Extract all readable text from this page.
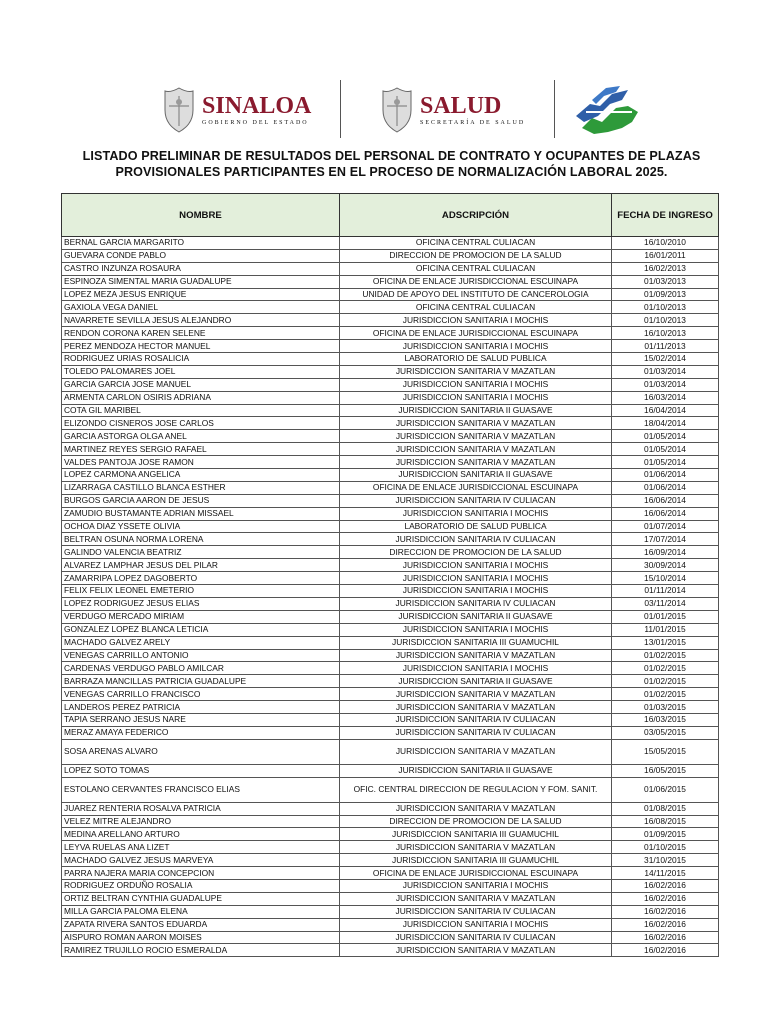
SINALOA
GOBIERNO DEL ESTADO
SALUD
SECRETARÍA DE SALUD
LISTADO PRELIMINAR DE RESULTADOS DEL PERSONAL DE CONTRATO Y OCUPANTES DE PLAZAS
PROVISIONALES PARTICIPANTES EN EL PROCESO DE NORMALIZACIÓN LABORAL 2025.
NOMBRE	ADSCRIPCIÓN	FECHA DE INGRESO
BERNAL GARCIA MARGARITO	OFICINA CENTRAL CULIACAN	16/10/2010
GUEVARA CONDE PABLO	DIRECCION DE PROMOCION DE LA SALUD	16/01/2011
CASTRO INZUNZA ROSAURA	OFICINA CENTRAL CULIACAN	16/02/2013
ESPINOZA SIMENTAL MARIA GUADALUPE	OFICINA DE ENLACE JURISDICCIONAL ESCUINAPA	01/03/2013
LOPEZ MEZA JESUS ENRIQUE	UNIDAD DE APOYO DEL INSTITUTO DE CANCEROLOGIA	01/09/2013
GAXIOLA VEGA DANIEL	OFICINA CENTRAL CULIACAN	01/10/2013
NAVARRETE SEVILLA JESUS ALEJANDRO	JURISDICCION SANITARIA I MOCHIS	01/10/2013
RENDON CORONA KAREN SELENE	OFICINA DE ENLACE JURISDICCIONAL ESCUINAPA	16/10/2013
PEREZ MENDOZA HECTOR MANUEL	JURISDICCION SANITARIA I MOCHIS	01/11/2013
RODRIGUEZ URIAS ROSALICIA	LABORATORIO DE SALUD PUBLICA	15/02/2014
TOLEDO PALOMARES JOEL	JURISDICCION SANITARIA V MAZATLAN	01/03/2014
GARCIA GARCIA JOSE MANUEL	JURISDICCION SANITARIA I MOCHIS	01/03/2014
ARMENTA CARLON OSIRIS ADRIANA	JURISDICCION SANITARIA I MOCHIS	16/03/2014
COTA GIL MARIBEL	JURISDICCION SANITARIA II GUASAVE	16/04/2014
ELIZONDO CISNEROS JOSE CARLOS	JURISDICCION SANITARIA V MAZATLAN	18/04/2014
GARCIA ASTORGA OLGA ANEL	JURISDICCION SANITARIA V MAZATLAN	01/05/2014
MARTINEZ REYES SERGIO RAFAEL	JURISDICCION SANITARIA V MAZATLAN	01/05/2014
VALDES PANTOJA JOSE RAMON	JURISDICCION SANITARIA V MAZATLAN	01/05/2014
LOPEZ CARMONA ANGELICA	JURISDICCION SANITARIA II GUASAVE	01/06/2014
LIZARRAGA CASTILLO BLANCA ESTHER	OFICINA DE ENLACE JURISDICCIONAL ESCUINAPA	01/06/2014
BURGOS GARCIA AARON DE JESUS	JURISDICCION SANITARIA IV CULIACAN	16/06/2014
ZAMUDIO BUSTAMANTE ADRIAN MISSAEL	JURISDICCION SANITARIA I MOCHIS	16/06/2014
OCHOA DIAZ YSSETE OLIVIA	LABORATORIO DE SALUD PUBLICA	01/07/2014
BELTRAN OSUNA NORMA LORENA	JURISDICCION SANITARIA IV CULIACAN	17/07/2014
GALINDO VALENCIA BEATRIZ	DIRECCION DE PROMOCION DE LA SALUD	16/09/2014
ALVAREZ LAMPHAR JESUS DEL PILAR	JURISDICCION SANITARIA I MOCHIS	30/09/2014
ZAMARRIPA LOPEZ DAGOBERTO	JURISDICCION SANITARIA I MOCHIS	15/10/2014
FELIX FELIX LEONEL EMETERIO	JURISDICCION SANITARIA I MOCHIS	01/11/2014
LOPEZ RODRIGUEZ JESUS ELIAS	JURISDICCION SANITARIA IV CULIACAN	03/11/2014
VERDUGO MERCADO MIRIAM	JURISDICCION SANITARIA II GUASAVE	01/01/2015
GONZALEZ LOPEZ BLANCA LETICIA	JURISDICCION SANITARIA I MOCHIS	11/01/2015
MACHADO GALVEZ ARELY	JURISDICCION SANITARIA III GUAMUCHIL	13/01/2015
VENEGAS CARRILLO ANTONIO	JURISDICCION SANITARIA V MAZATLAN	01/02/2015
CARDENAS VERDUGO PABLO AMILCAR	JURISDICCION SANITARIA I MOCHIS	01/02/2015
BARRAZA MANCILLAS PATRICIA GUADALUPE	JURISDICCION SANITARIA II GUASAVE	01/02/2015
VENEGAS CARRILLO FRANCISCO	JURISDICCION SANITARIA V MAZATLAN	01/02/2015
LANDEROS PEREZ PATRICIA	JURISDICCION SANITARIA V MAZATLAN	01/03/2015
TAPIA SERRANO JESUS NARE	JURISDICCION SANITARIA IV CULIACAN	16/03/2015
MERAZ AMAYA FEDERICO	JURISDICCION SANITARIA IV CULIACAN	03/05/2015
SOSA ARENAS ALVARO	JURISDICCION SANITARIA V MAZATLAN	15/05/2015
LOPEZ SOTO TOMAS	JURISDICCION SANITARIA II GUASAVE	16/05/2015
ESTOLANO CERVANTES FRANCISCO ELIAS	OFIC. CENTRAL DIRECCION DE REGULACION Y FOM. SANIT.	01/06/2015
JUAREZ RENTERIA ROSALVA PATRICIA	JURISDICCION SANITARIA V MAZATLAN	01/08/2015
VELEZ MITRE ALEJANDRO	DIRECCION DE PROMOCION DE LA SALUD	16/08/2015
MEDINA ARELLANO ARTURO	JURISDICCION SANITARIA III GUAMUCHIL	01/09/2015
LEYVA RUELAS ANA LIZET	JURISDICCION SANITARIA V MAZATLAN	01/10/2015
MACHADO GALVEZ JESUS MARVEYA	JURISDICCION SANITARIA III GUAMUCHIL	31/10/2015
PARRA NAJERA MARIA CONCEPCION	OFICINA DE ENLACE JURISDICCIONAL ESCUINAPA	14/11/2015
RODRIGUEZ ORDUÑO ROSALIA	JURISDICCION SANITARIA I MOCHIS	16/02/2016
ORTIZ BELTRAN CYNTHIA GUADALUPE	JURISDICCION SANITARIA V MAZATLAN	16/02/2016
MILLA GARCIA PALOMA ELENA	JURISDICCION SANITARIA IV CULIACAN	16/02/2016
ZAPATA RIVERA SANTOS EDUARDA	JURISDICCION SANITARIA I MOCHIS	16/02/2016
AISPURO ROMAN AARON MOISES	JURISDICCION SANITARIA IV CULIACAN	16/02/2016
RAMIREZ TRUJILLO ROCIO ESMERALDA	JURISDICCION SANITARIA V MAZATLAN	16/02/2016
